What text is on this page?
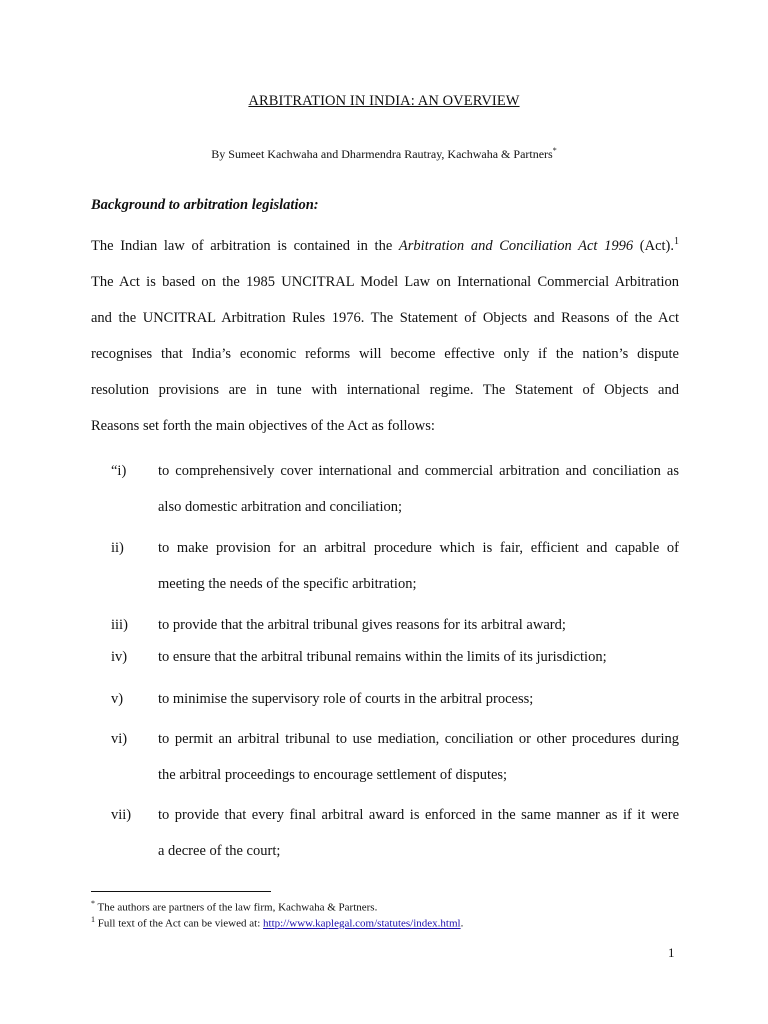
ARBITRATION IN INDIA: AN OVERVIEW
By Sumeet Kachwaha and Dharmendra Rautray, Kachwaha & Partners*
Background to arbitration legislation:
The Indian law of arbitration is contained in the Arbitration and Conciliation Act 1996 (Act).$^1$
The Act is based on the 1985 UNCITRAL Model Law on International Commercial Arbitration
and the UNCITRAL Arbitration Rules 1976. The Statement of Objects and Reasons of the Act
recognises that India’s economic reforms will become effective only if the nation’s dispute
resolution provisions are in tune with international regime. The Statement of Objects and
Reasons set forth the main objectives of the Act as follows:
“i) to comprehensively cover international and commercial arbitration and conciliation as
also domestic arbitration and conciliation;
ii) to make provision for an arbitral procedure which is fair, efficient and capable of
meeting the needs of the specific arbitration;
iii) to provide that the arbitral tribunal gives reasons for its arbitral award;
iv) to ensure that the arbitral tribunal remains within the limits of its jurisdiction;
v) to minimise the supervisory role of courts in the arbitral process;
vi) to permit an arbitral tribunal to use mediation, conciliation or other procedures during
the arbitral proceedings to encourage settlement of disputes;
vii) to provide that every final arbitral award is enforced in the same manner as if it were
a decree of the court;
* The authors are partners of the law firm, Kachwaha & Partners.
$^1$ Full text of the Act can be viewed at: http://www.kaplegal.com/statutes/index.html.
1
